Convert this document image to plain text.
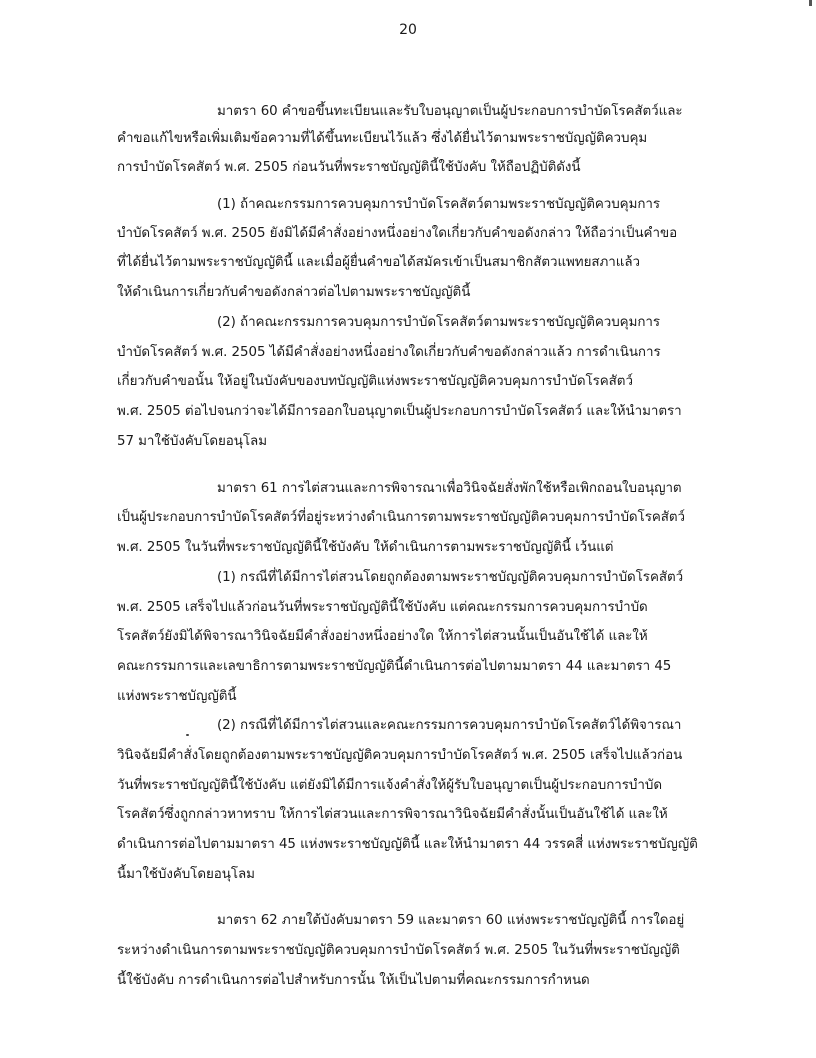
20
มาตรา 60 คำขอขึ้นทะเบียนและรับใบอนุญาตเป็นผู้ประกอบการบำบัดโรคสัตว์และ
คำขอแก้ไขหรือเพิ่มเติมข้อความที่ได้ขึ้นทะเบียนไว้แล้ว ซึ่งได้ยื่นไว้ตามพระราชบัญญัติควบคุม
การบำบัดโรคสัตว์ พ.ศ. 2505 ก่อนวันที่พระราชบัญญัตินี้ใช้บังคับ ให้ถือปฏิบัติดังนี้
(1) ถ้าคณะกรรมการควบคุมการบำบัดโรคสัตว์ตามพระราชบัญญัติควบคุมการ
บำบัดโรคสัตว์ พ.ศ. 2505 ยังมิได้มีคำสั่งอย่างหนึ่งอย่างใดเกี่ยวกับคำขอดังกล่าว ให้ถือว่าเป็นคำขอ
ที่ได้ยื่นไว้ตามพระราชบัญญัตินี้ และเมื่อผู้ยื่นคำขอได้สมัครเข้าเป็นสมาชิกสัตวแพทยสภาแล้ว
ให้ดำเนินการเกี่ยวกับคำขอดังกล่าวต่อไปตามพระราชบัญญัตินี้
(2) ถ้าคณะกรรมการควบคุมการบำบัดโรคสัตว์ตามพระราชบัญญัติควบคุมการ
บำบัดโรคสัตว์ พ.ศ. 2505 ได้มีคำสั่งอย่างหนึ่งอย่างใดเกี่ยวกับคำขอดังกล่าวแล้ว การดำเนินการ
เกี่ยวกับคำขอนั้น ให้อยู่ในบังคับของบทบัญญัติแห่งพระราชบัญญัติควบคุมการบำบัดโรคสัตว์
พ.ศ. 2505 ต่อไปจนกว่าจะได้มีการออกใบอนุญาตเป็นผู้ประกอบการบำบัดโรคสัตว์ และให้นำมาตรา
57 มาใช้บังคับโดยอนุโลม
มาตรา 61 การไต่สวนและการพิจารณาเพื่อวินิจฉัยสั่งพักใช้หรือเพิกถอนใบอนุญาต
เป็นผู้ประกอบการบำบัดโรคสัตว์ที่อยู่ระหว่างดำเนินการตามพระราชบัญญัติควบคุมการบำบัดโรคสัตว์
พ.ศ. 2505 ในวันที่พระราชบัญญัตินี้ใช้บังคับ ให้ดำเนินการตามพระราชบัญญัตินี้ เว้นแต่
(1) กรณีที่ได้มีการไต่สวนโดยถูกต้องตามพระราชบัญญัติควบคุมการบำบัดโรคสัตว์
พ.ศ. 2505 เสร็จไปแล้วก่อนวันที่พระราชบัญญัตินี้ใช้บังคับ แต่คณะกรรมการควบคุมการบำบัด
โรคสัตว์ยังมิได้พิจารณาวินิจฉัยมีคำสั่งอย่างหนึ่งอย่างใด ให้การไต่สวนนั้นเป็นอันใช้ได้ และให้
คณะกรรมการและเลขาธิการตามพระราชบัญญัตินี้ดำเนินการต่อไปตามมาตรา 44 และมาตรา 45
แห่งพระราชบัญญัตินี้
(2) กรณีที่ได้มีการไต่สวนและคณะกรรมการควบคุมการบำบัดโรคสัตว์ได้พิจารณา
วินิจฉัยมีคำสั่งโดยถูกต้องตามพระราชบัญญัติควบคุมการบำบัดโรคสัตว์ พ.ศ. 2505 เสร็จไปแล้วก่อน
วันที่พระราชบัญญัตินี้ใช้บังคับ แต่ยังมิได้มีการแจ้งคำสั่งให้ผู้รับใบอนุญาตเป็นผู้ประกอบการบำบัด
โรคสัตว์ซึ่งถูกกล่าวหาทราบ ให้การไต่สวนและการพิจารณาวินิจฉัยมีคำสั่งนั้นเป็นอันใช้ได้ และให้
ดำเนินการต่อไปตามมาตรา 45 แห่งพระราชบัญญัตินี้ และให้นำมาตรา 44 วรรคสี่ แห่งพระราชบัญญัติ
นี้มาใช้บังคับโดยอนุโลม
มาตรา 62 ภายใต้บังคับมาตรา 59 และมาตรา 60 แห่งพระราชบัญญัตินี้ การใดอยู่
ระหว่างดำเนินการตามพระราชบัญญัติควบคุมการบำบัดโรคสัตว์ พ.ศ. 2505 ในวันที่พระราชบัญญัติ
นี้ใช้บังคับ การดำเนินการต่อไปสำหรับการนั้น ให้เป็นไปตามที่คณะกรรมการกำหนด
